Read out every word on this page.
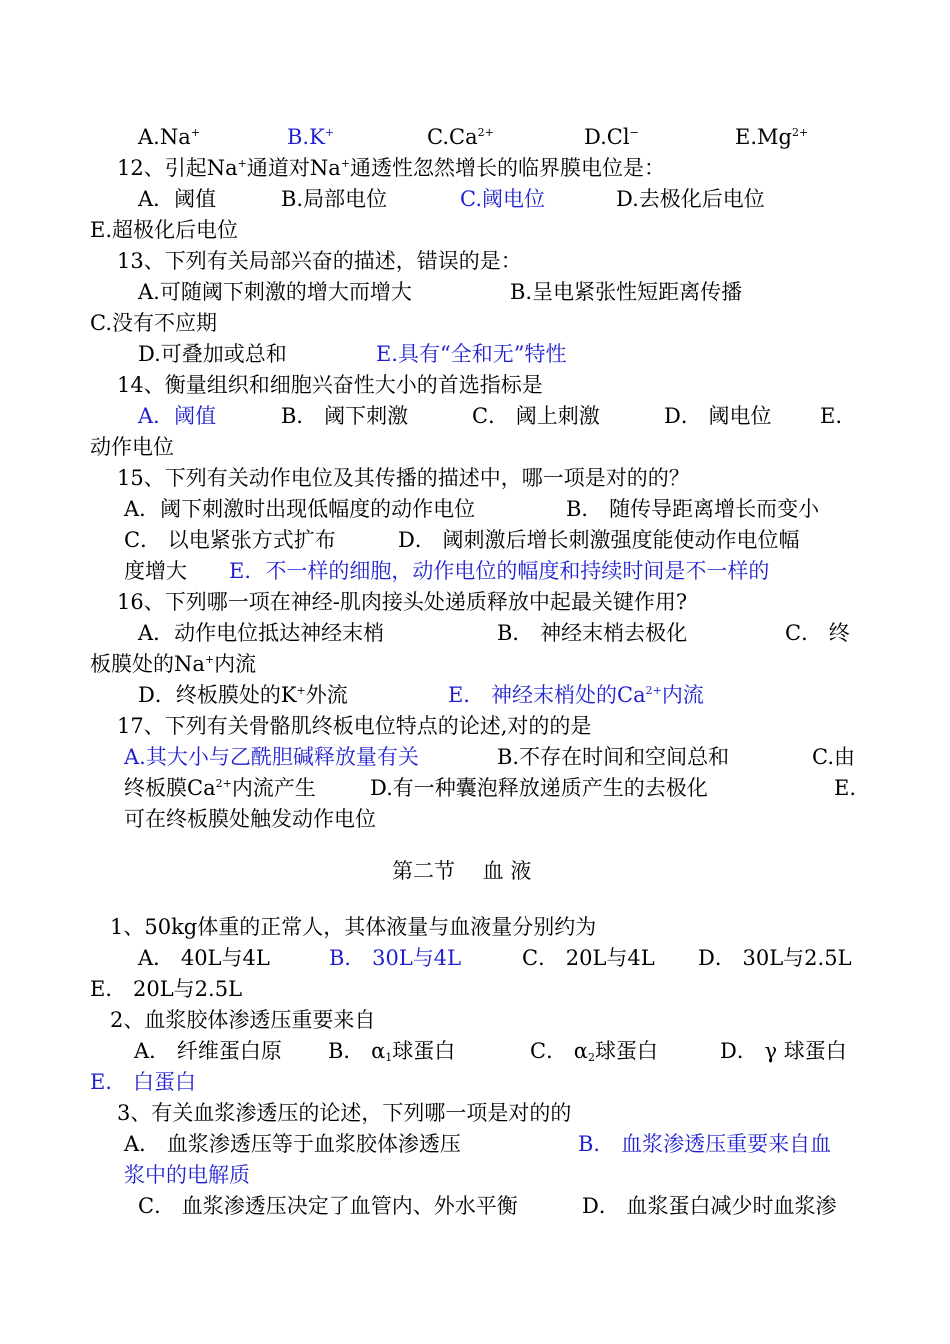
A.Na+	B.K+	$C.Ca^{2+}$	D.Cl−	$E.Mg^{2+}$
12、引起Na+通道对Na+通透性忽然增长的临界膜电位是：
A．阈值	B.局部电位	C.阈电位	D.去极化后电位
E.超极化后电位
13、下列有关局部兴奋的描述，错误的是：
A.可随阈下刺激的增大而增大	B.呈电紧张性短距离传播
C.没有不应期
D.可叠加或总和	E.具有“全和无”特性
14、衡量组织和细胞兴奋性大小的首选指标是
A．阈值	B． 阈下刺激	C． 阈上刺激	D． 阈电位 E.
动作电位
15、下列有关动作电位及其传播的描述中，哪一项是对的的？
A．阈下刺激时出现低幅度的动作电位	B． 随传导距离增长而变小
C． 以电紧张方式扩布	D． 阈刺激后增长刺激强度能使动作电位幅
度增大 E．不一样的细胞，动作电位的幅度和持续时间是不一样的
16、下列哪一项在神经-肌肉接头处递质释放中起最关键作用?
A．动作电位抵达神经末梢	B． 神经末梢去极化	C． 终
板膜处的Na+内流
D．终板膜处的K+外流	E． 神经末梢处的$Ca^{2+}$内流
17、下列有关骨骼肌终板电位特点的论述,对的的是
A.其大小与乙酰胆碱释放量有关	B.不存在时间和空间总和	C.由
终板膜$Ca^{2+}$内流产生	D.有一种囊泡释放递质产生的去极化	E.
可在终板膜处触发动作电位
第二节　 血 液
1、50kg体重的正常人，其体液量与血液量分别约为
A． 40L与4L	B． 30L与4L	C． 20L与4L D． 30L与2.5L
E． 20L与2.5L
2、血浆胶体渗透压重要来自
A． 纤维蛋白原 B． $\alpha_1$球蛋白	C． $\alpha_2$球蛋白	D． γ 球蛋白
E． 白蛋白
3、有关血浆渗透压的论述，下列哪一项是对的的
A． 血浆渗透压等于血浆胶体渗透压	B． 血浆渗透压重要来自血
浆中的电解质
C． 血浆渗透压决定了血管内、外水平衡	D． 血浆蛋白减少时血浆渗
